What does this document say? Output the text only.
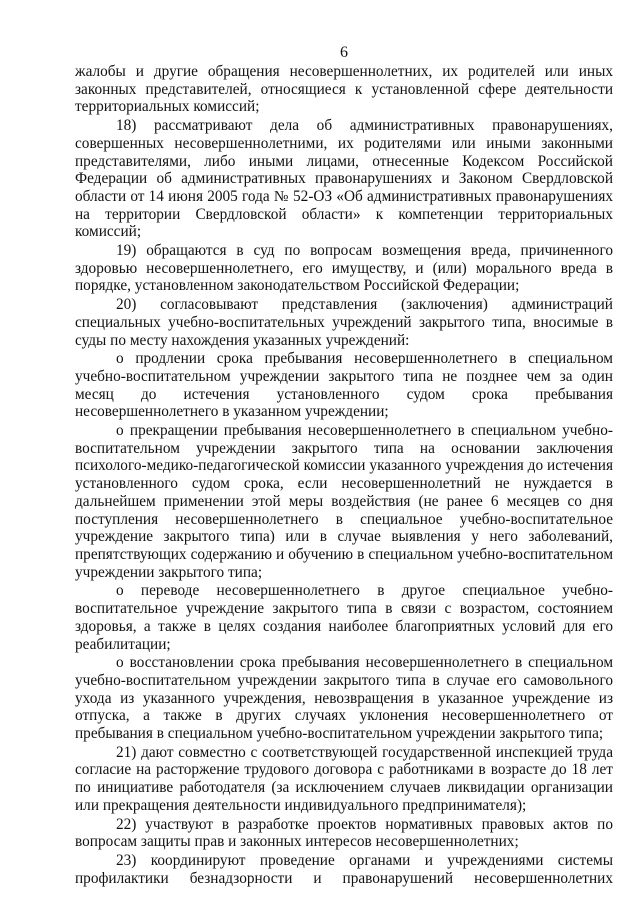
6

жалобы и другие обращения несовершеннолетних, их родителей или иных законных представителей, относящиеся к установленной сфере деятельности территориальных комиссий;

18) рассматривают дела об административных правонарушениях, совершенных несовершеннолетними, их родителями или иными законными представителями, либо иными лицами, отнесенные Кодексом Российской Федерации об административных правонарушениях и Законом Свердловской области от 14 июня 2005 года № 52-ОЗ «Об административных правонарушениях на территории Свердловской области» к компетенции территориальных комиссий;

19) обращаются в суд по вопросам возмещения вреда, причиненного здоровью несовершеннолетнего, его имуществу, и (или) морального вреда в порядке, установленном законодательством Российской Федерации;

20) согласовывают представления (заключения) администраций специальных учебно-воспитательных учреждений закрытого типа, вносимые в суды по месту нахождения указанных учреждений:

о продлении срока пребывания несовершеннолетнего в специальном учебно-воспитательном учреждении закрытого типа не позднее чем за один месяц до истечения установленного судом срока пребывания несовершеннолетнего в указанном учреждении;

о прекращении пребывания несовершеннолетнего в специальном учебно-воспитательном учреждении закрытого типа на основании заключения психолого-медико-педагогической комиссии указанного учреждения до истечения установленного судом срока, если несовершеннолетний не нуждается в дальнейшем применении этой меры воздействия (не ранее 6 месяцев со дня поступления несовершеннолетнего в специальное учебно-воспитательное учреждение закрытого типа) или в случае выявления у него заболеваний, препятствующих содержанию и обучению в специальном учебно-воспитательном учреждении закрытого типа;

о переводе несовершеннолетнего в другое специальное учебно-воспитательное учреждение закрытого типа в связи с возрастом, состоянием здоровья, а также в целях создания наиболее благоприятных условий для его реабилитации;

о восстановлении срока пребывания несовершеннолетнего в специальном учебно-воспитательном учреждении закрытого типа в случае его самовольного ухода из указанного учреждения, невозвращения в указанное учреждение из отпуска, а также в других случаях уклонения несовершеннолетнего от пребывания в специальном учебно-воспитательном учреждении закрытого типа;

21) дают совместно с соответствующей государственной инспекцией труда согласие на расторжение трудового договора с работниками в возрасте до 18 лет по инициативе работодателя (за исключением случаев ликвидации организации или прекращения деятельности индивидуального предпринимателя);

22) участвуют в разработке проектов нормативных правовых актов по вопросам защиты прав и законных интересов несовершеннолетних;

23) координируют проведение органами и учреждениями системы профилактики безнадзорности и правонарушений несовершеннолетних
